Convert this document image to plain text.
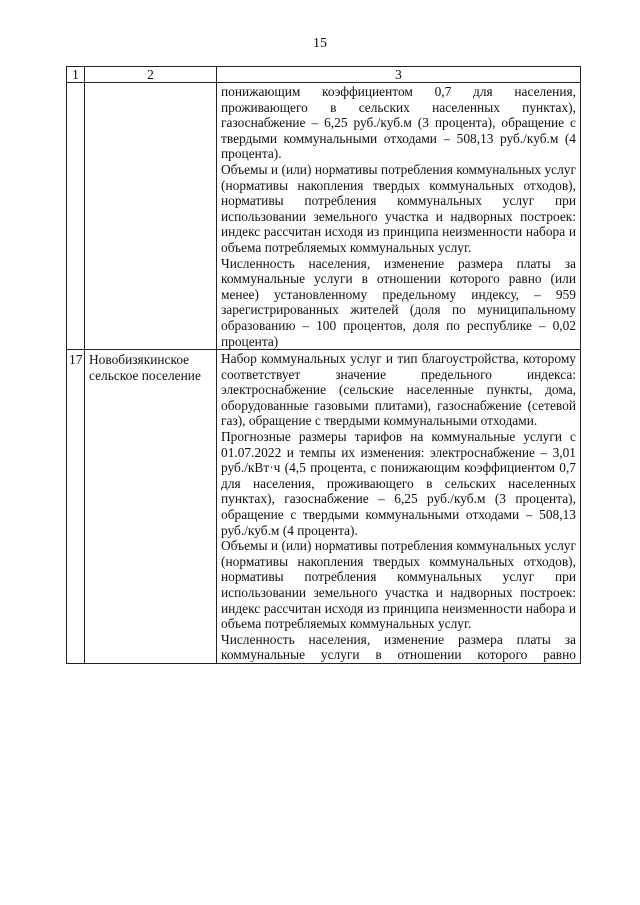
15
1	2	3

		понижающим коэффициентом 0,7 для населения, проживающего в сельских населенных пунктах), газоснабжение – 6,25 руб./куб.м (3 процента), обращение с твердыми коммунальными отходами – 508,13 руб./куб.м (4 процента).
Объемы и (или) нормативы потребления коммунальных услуг (нормативы накопления твердых коммунальных отходов), нормативы потребления коммунальных услуг при использовании земельного участка и надворных построек: индекс рассчитан исходя из принципа неизменности набора и объема потребляемых коммунальных услуг.
Численность населения, изменение размера платы за коммунальные услуги в отношении которого равно (или менее) установленному предельному индексу, – 959 зарегистрированных жителей (доля по муниципальному образованию – 100 процентов, доля по республике – 0,02 процента)

17	Новобизякинское сельское поселение	Набор коммунальных услуг и тип благоустройства, которому соответствует значение предельного индекса: электроснабжение (сельские населенные пункты, дома, оборудованные газовыми плитами), газоснабжение (сетевой газ), обращение с твердыми коммунальными отходами.
Прогнозные размеры тарифов на коммунальные услуги с 01.07.2022 и темпы их изменения: электроснабжение – 3,01 руб./кВт·ч (4,5 процента, с понижающим коэффициентом 0,7 для населения, проживающего в сельских населенных пунктах), газоснабжение – 6,25 руб./куб.м (3 процента), обращение с твердыми коммунальными отходами – 508,13 руб./куб.м (4 процента).
Объемы и (или) нормативы потребления коммунальных услуг (нормативы накопления твердых коммунальных отходов), нормативы потребления коммунальных услуг при использовании земельного участка и надворных построек: индекс рассчитан исходя из принципа неизменности набора и объема потребляемых коммунальных услуг.
Численность населения, изменение размера платы за коммунальные услуги в отношении которого равно
